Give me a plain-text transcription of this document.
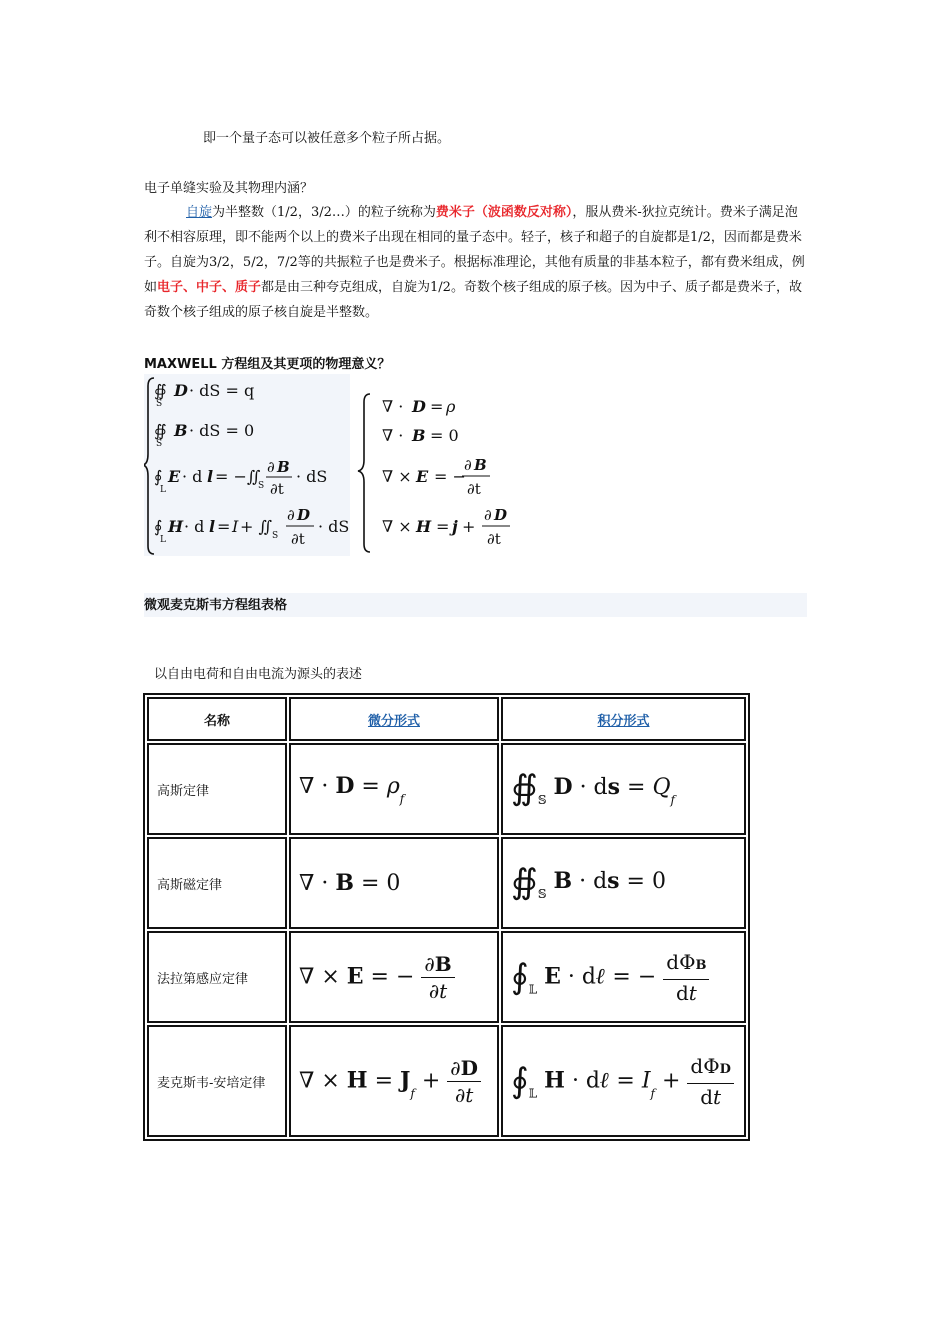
即一个量子态可以被任意多个粒子所占据。
电子单缝实验及其物理内涵？
自旋为半整数（1/2，3/2…）的粒子统称为费米子（波函数反对称），服从费米-狄拉克统计。费米子满足泡利不相容原理，即不能两个以上的费米子出现在相同的量子态中。轻子，核子和超子的自旋都是1/2，因而都是费米子。自旋为3/2，5/2，7/2等的共振粒子也是费米子。根据标准理论，其他有质量的非基本粒子，都有费米组成，例如电子、中子、质子都是由三种夸克组成，自旋为1/2。奇数个核子组成的原子核。因为中子、质子都是费米子，故奇数个核子组成的原子核自旋是半整数。
MAXWELL 方程组及其更项的物理意义？
∯
S
D · dS = q
∯
S
B · dS = 0
∮
L
E · d l = −∬
S
∂ B
∂t
· dS
∮
L
H · d l = I + ∬ S
∂ D
∂t
· dS
∇ · D = ρ
∇ · B = 0
∇ × E = −
∂ B
∂t
∇ × H = j +
∂ D
∂t
微观麦克斯韦方程组表格
以自由电荷和自由电流为源头的表述
名称	微分形式	积分形式
高斯定律	∇ · $D = \rho_f$	$∯_𝕊$ D · ds = $Q_f$
高斯磁定律	∇ · B = 0	$∯_𝕊$ B · ds = 0
法拉第感应定律	∇ × E = − $\frac{\partial B}{\partial t}$	$∮_𝕃$ E · dℓ = − $\frac{\text{dΦB}}{dt}$

麦克斯韦-安培定律	∇ × $H = J_f + \frac{\partial D}{\partial t}$	$∮_𝕃$ H · dℓ = $I_f + \frac{\text{dΦD}}{dt}$
